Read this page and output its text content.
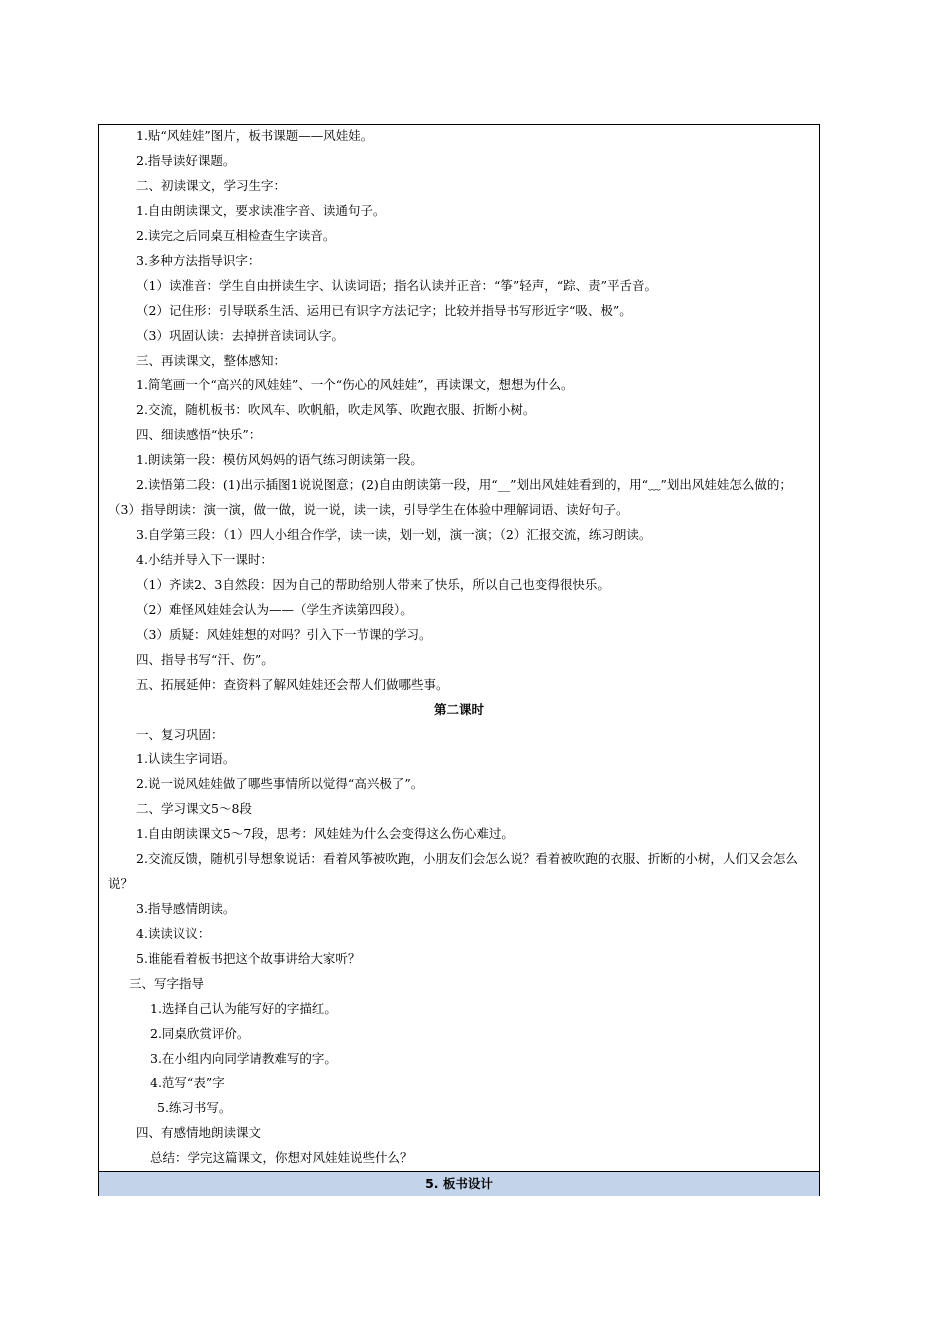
1.贴“风娃娃”图片，板书课题——风娃娃。
2.指导读好课题。
二、初读课文，学习生字：
1.自由朗读课文，要求读准字音、读通句子。
2.读完之后同桌互相检查生字读音。
3.多种方法指导识字：
（1）读准音：学生自由拼读生字、认读词语；指名认读并正音：“筝”轻声，“踪、责”平舌音。
（2）记住形：引导联系生活、运用已有识字方法记字；比较并指导书写形近字“吸、极”。
（3）巩固认读：去掉拼音读词认字。
三、再读课文，整体感知：
1.简笔画一个“高兴的风娃娃”、一个“伤心的风娃娃”，再读课文，想想为什么。
2.交流，随机板书：吹风车、吹帆船，吹走风筝、吹跑衣服、折断小树。
四、细读感悟“快乐”：
1.朗读第一段：模仿风妈妈的语气练习朗读第一段。
2.读悟第二段：(1)出示插图1说说图意；(2)自由朗读第一段，用“__”划出风娃娃看到的，用“﹏”划出风娃娃怎么做的；（3）指导朗读：演一演，做一做，说一说，读一读，引导学生在体验中理解词语、读好句子。
3.自学第三段：（1）四人小组合作学，读一读，划一划，演一演；（2）汇报交流，练习朗读。
4.小结并导入下一课时：
（1）齐读2、3自然段：因为自己的帮助给别人带来了快乐，所以自己也变得很快乐。
（2）难怪风娃娃会认为——（学生齐读第四段）。
（3）质疑：风娃娃想的对吗？引入下一节课的学习。
四、指导书写“汗、伤”。
五、拓展延伸：查资料了解风娃娃还会帮人们做哪些事。
第二课时
一、复习巩固：
1.认读生字词语。
2.说一说风娃娃做了哪些事情所以觉得“高兴极了”。
二、学习课文5～8段
1.自由朗读课文5～7段，思考：风娃娃为什么会变得这么伤心难过。
2.交流反馈，随机引导想象说话：看着风筝被吹跑，小朋友们会怎么说？看着被吹跑的衣服、折断的小树，人们又会怎么说？
3.指导感情朗读。
4.读读议议：
5.谁能看着板书把这个故事讲给大家听？
三、写字指导
1.选择自己认为能写好的字描红。
2.同桌欣赏评价。
3.在小组内向同学请教难写的字。
4.范写“表”字
5.练习书写。
四、有感情地朗读课文
总结：学完这篇课文，你想对风娃娃说些什么？
5. 板书设计
